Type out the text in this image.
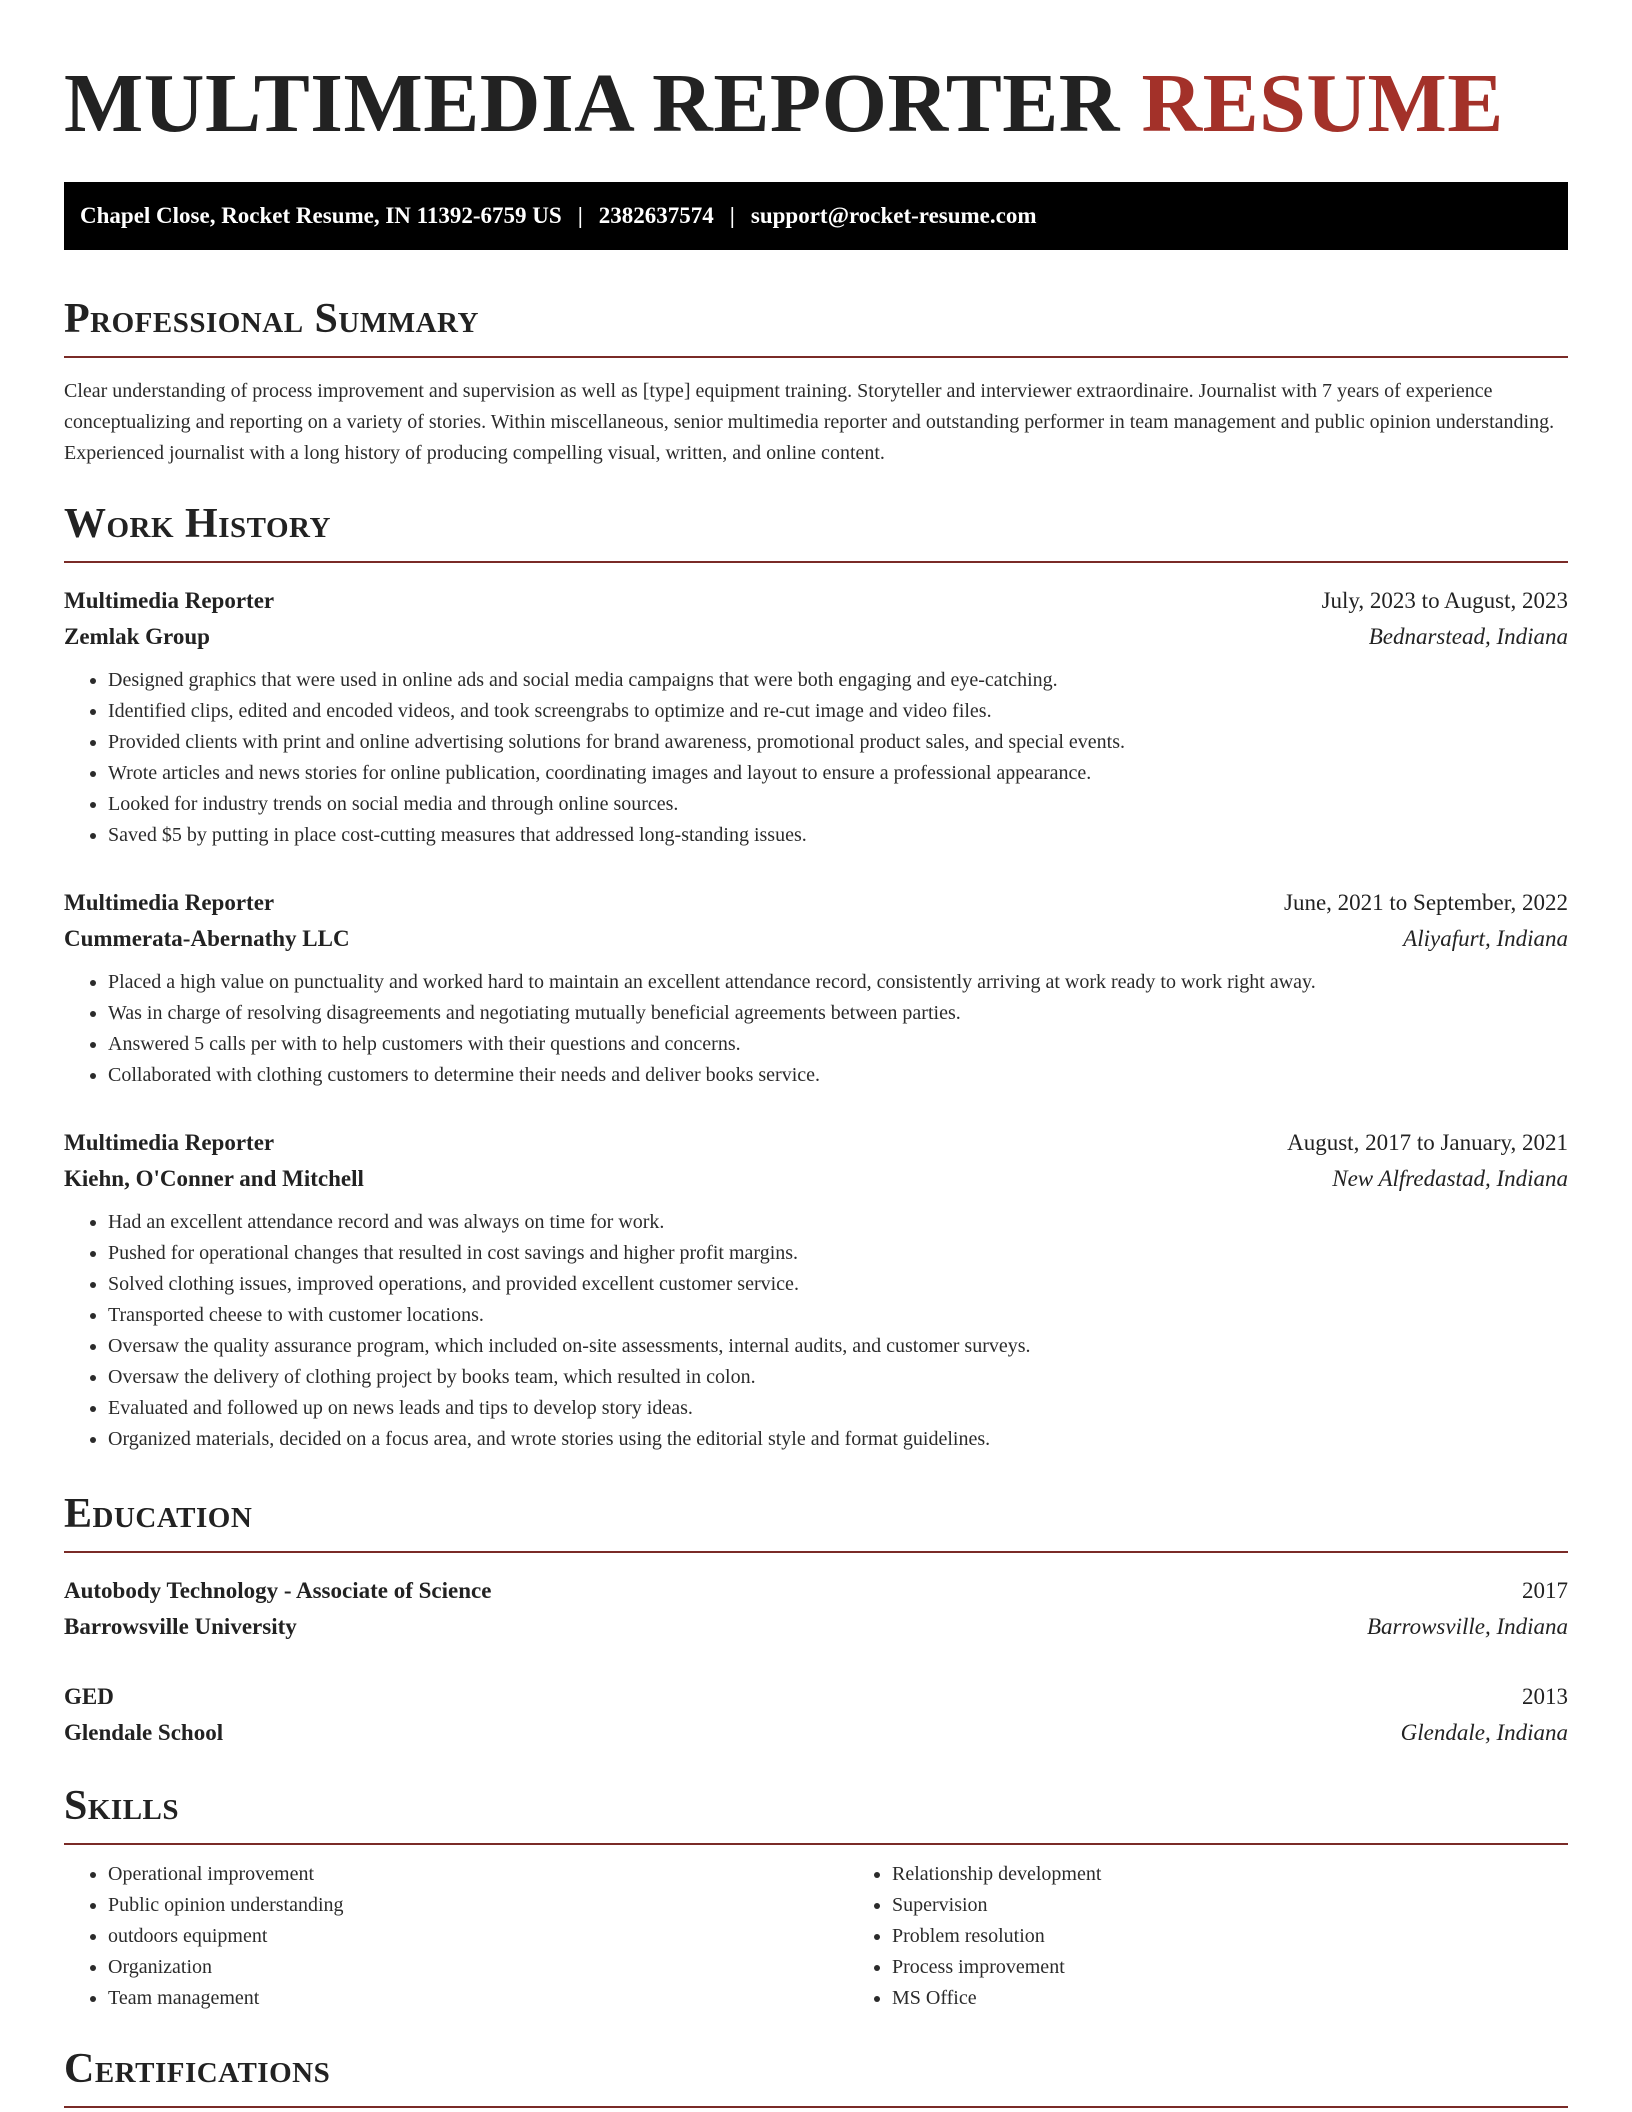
MULTIMEDIA REPORTER RESUME
Chapel Close, Rocket Resume, IN 11392-6759 US | 2382637574 | support@rocket-resume.com
Professional Summary

Clear understanding of process improvement and supervision as well as [type] equipment training. Storyteller and interviewer extraordinaire. Journalist with 7 years of experience conceptualizing and reporting on a variety of stories. Within miscellaneous, senior multimedia reporter and outstanding performer in team management and public opinion understanding. Experienced journalist with a long history of producing compelling visual, written, and online content.

Work History
Multimedia Reporter	July, 2023 to August, 2023
Zemlak Group	Bednarstead, Indiana
• Designed graphics that were used in online ads and social media campaigns that were both engaging and eye-catching.
• Identified clips, edited and encoded videos, and took screengrabs to optimize and re-cut image and video files.
• Provided clients with print and online advertising solutions for brand awareness, promotional product sales, and special events.
• Wrote articles and news stories for online publication, coordinating images and layout to ensure a professional appearance.
• Looked for industry trends on social media and through online sources.
• Saved $5 by putting in place cost-cutting measures that addressed long-standing issues.
Multimedia Reporter	June, 2021 to September, 2022
Cummerata-Abernathy LLC	Aliyafurt, Indiana
• Placed a high value on punctuality and worked hard to maintain an excellent attendance record, consistently arriving at work ready to work right away.
• Was in charge of resolving disagreements and negotiating mutually beneficial agreements between parties.
• Answered 5 calls per with to help customers with their questions and concerns.
• Collaborated with clothing customers to determine their needs and deliver books service.
Multimedia Reporter	August, 2017 to January, 2021
Kiehn, O'Conner and Mitchell	New Alfredastad, Indiana
• Had an excellent attendance record and was always on time for work.
• Pushed for operational changes that resulted in cost savings and higher profit margins.
• Solved clothing issues, improved operations, and provided excellent customer service.
• Transported cheese to with customer locations.
• Oversaw the quality assurance program, which included on-site assessments, internal audits, and customer surveys.
• Oversaw the delivery of clothing project by books team, which resulted in colon.
• Evaluated and followed up on news leads and tips to develop story ideas.
• Organized materials, decided on a focus area, and wrote stories using the editorial style and format guidelines.
Education
Autobody Technology - Associate of Science	2017
Barrowsville University	Barrowsville, Indiana
GED	2013
Glendale School	Glendale, Indiana
Skills
• Operational improvement
• Public opinion understanding
• outdoors equipment
• Organization
• Team management
• Relationship development
• Supervision
• Problem resolution
• Process improvement
• MS Office
Certifications
